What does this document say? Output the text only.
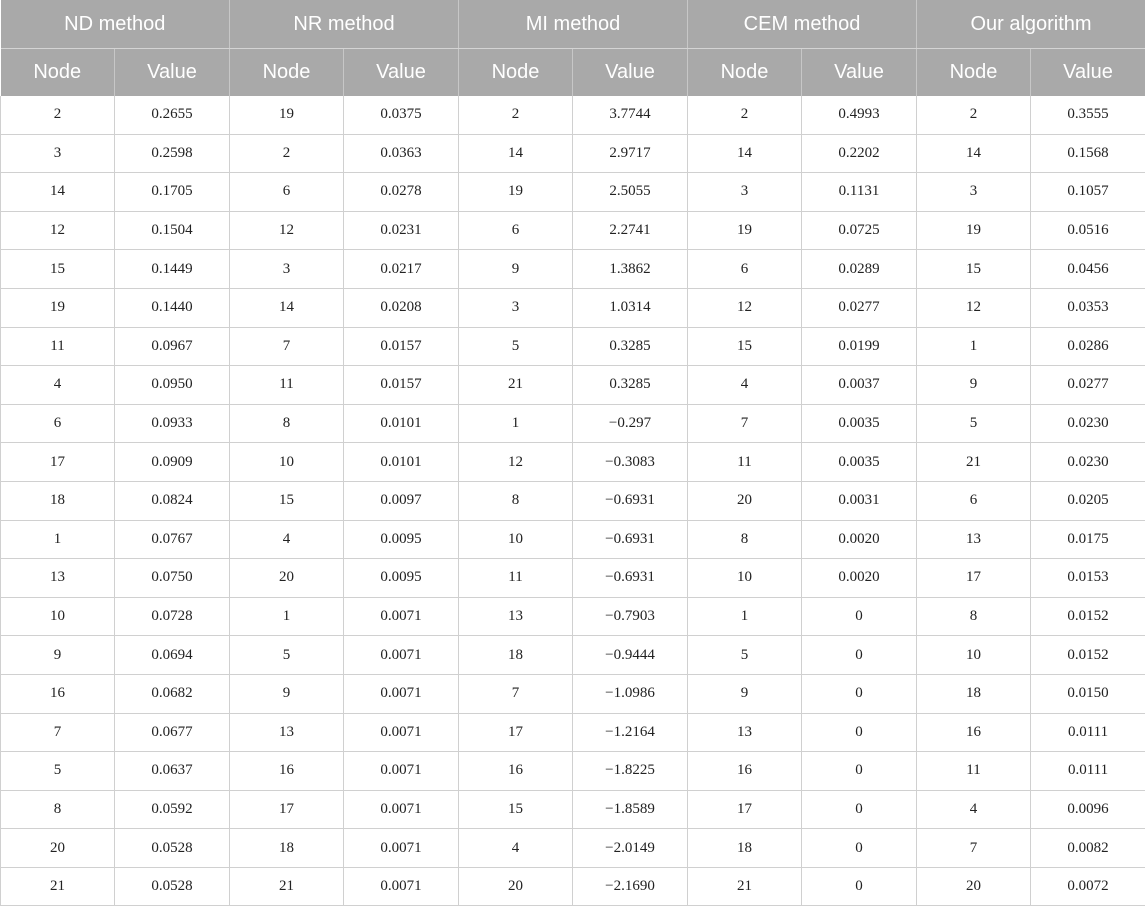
ND method		NR method		MI method		CEM method		Our algorithm	
Node	Value	Node	Value	Node	Value	Node	Value	Node	Value
2	0.2655	19	0.0375	2	3.7744	2	0.4993	2	0.3555
3	0.2598	2	0.0363	14	2.9717	14	0.2202	14	0.1568
14	0.1705	6	0.0278	19	2.5055	3	0.1131	3	0.1057
12	0.1504	12	0.0231	6	2.2741	19	0.0725	19	0.0516
15	0.1449	3	0.0217	9	1.3862	6	0.0289	15	0.0456
19	0.1440	14	0.0208	3	1.0314	12	0.0277	12	0.0353
11	0.0967	7	0.0157	5	0.3285	15	0.0199	1	0.0286
4	0.0950	11	0.0157	21	0.3285	4	0.0037	9	0.0277
6	0.0933	8	0.0101	1	−0.297	7	0.0035	5	0.0230
17	0.0909	10	0.0101	12	−0.3083	11	0.0035	21	0.0230
18	0.0824	15	0.0097	8	−0.6931	20	0.0031	6	0.0205
1	0.0767	4	0.0095	10	−0.6931	8	0.0020	13	0.0175
13	0.0750	20	0.0095	11	−0.6931	10	0.0020	17	0.0153
10	0.0728	1	0.0071	13	−0.7903	1	0	8	0.0152
9	0.0694	5	0.0071	18	−0.9444	5	0	10	0.0152
16	0.0682	9	0.0071	7	−1.0986	9	0	18	0.0150
7	0.0677	13	0.0071	17	−1.2164	13	0	16	0.0111
5	0.0637	16	0.0071	16	−1.8225	16	0	11	0.0111
8	0.0592	17	0.0071	15	−1.8589	17	0	4	0.0096
20	0.0528	18	0.0071	4	−2.0149	18	0	7	0.0082
21	0.0528	21	0.0071	20	−2.1690	21	0	20	0.0072
